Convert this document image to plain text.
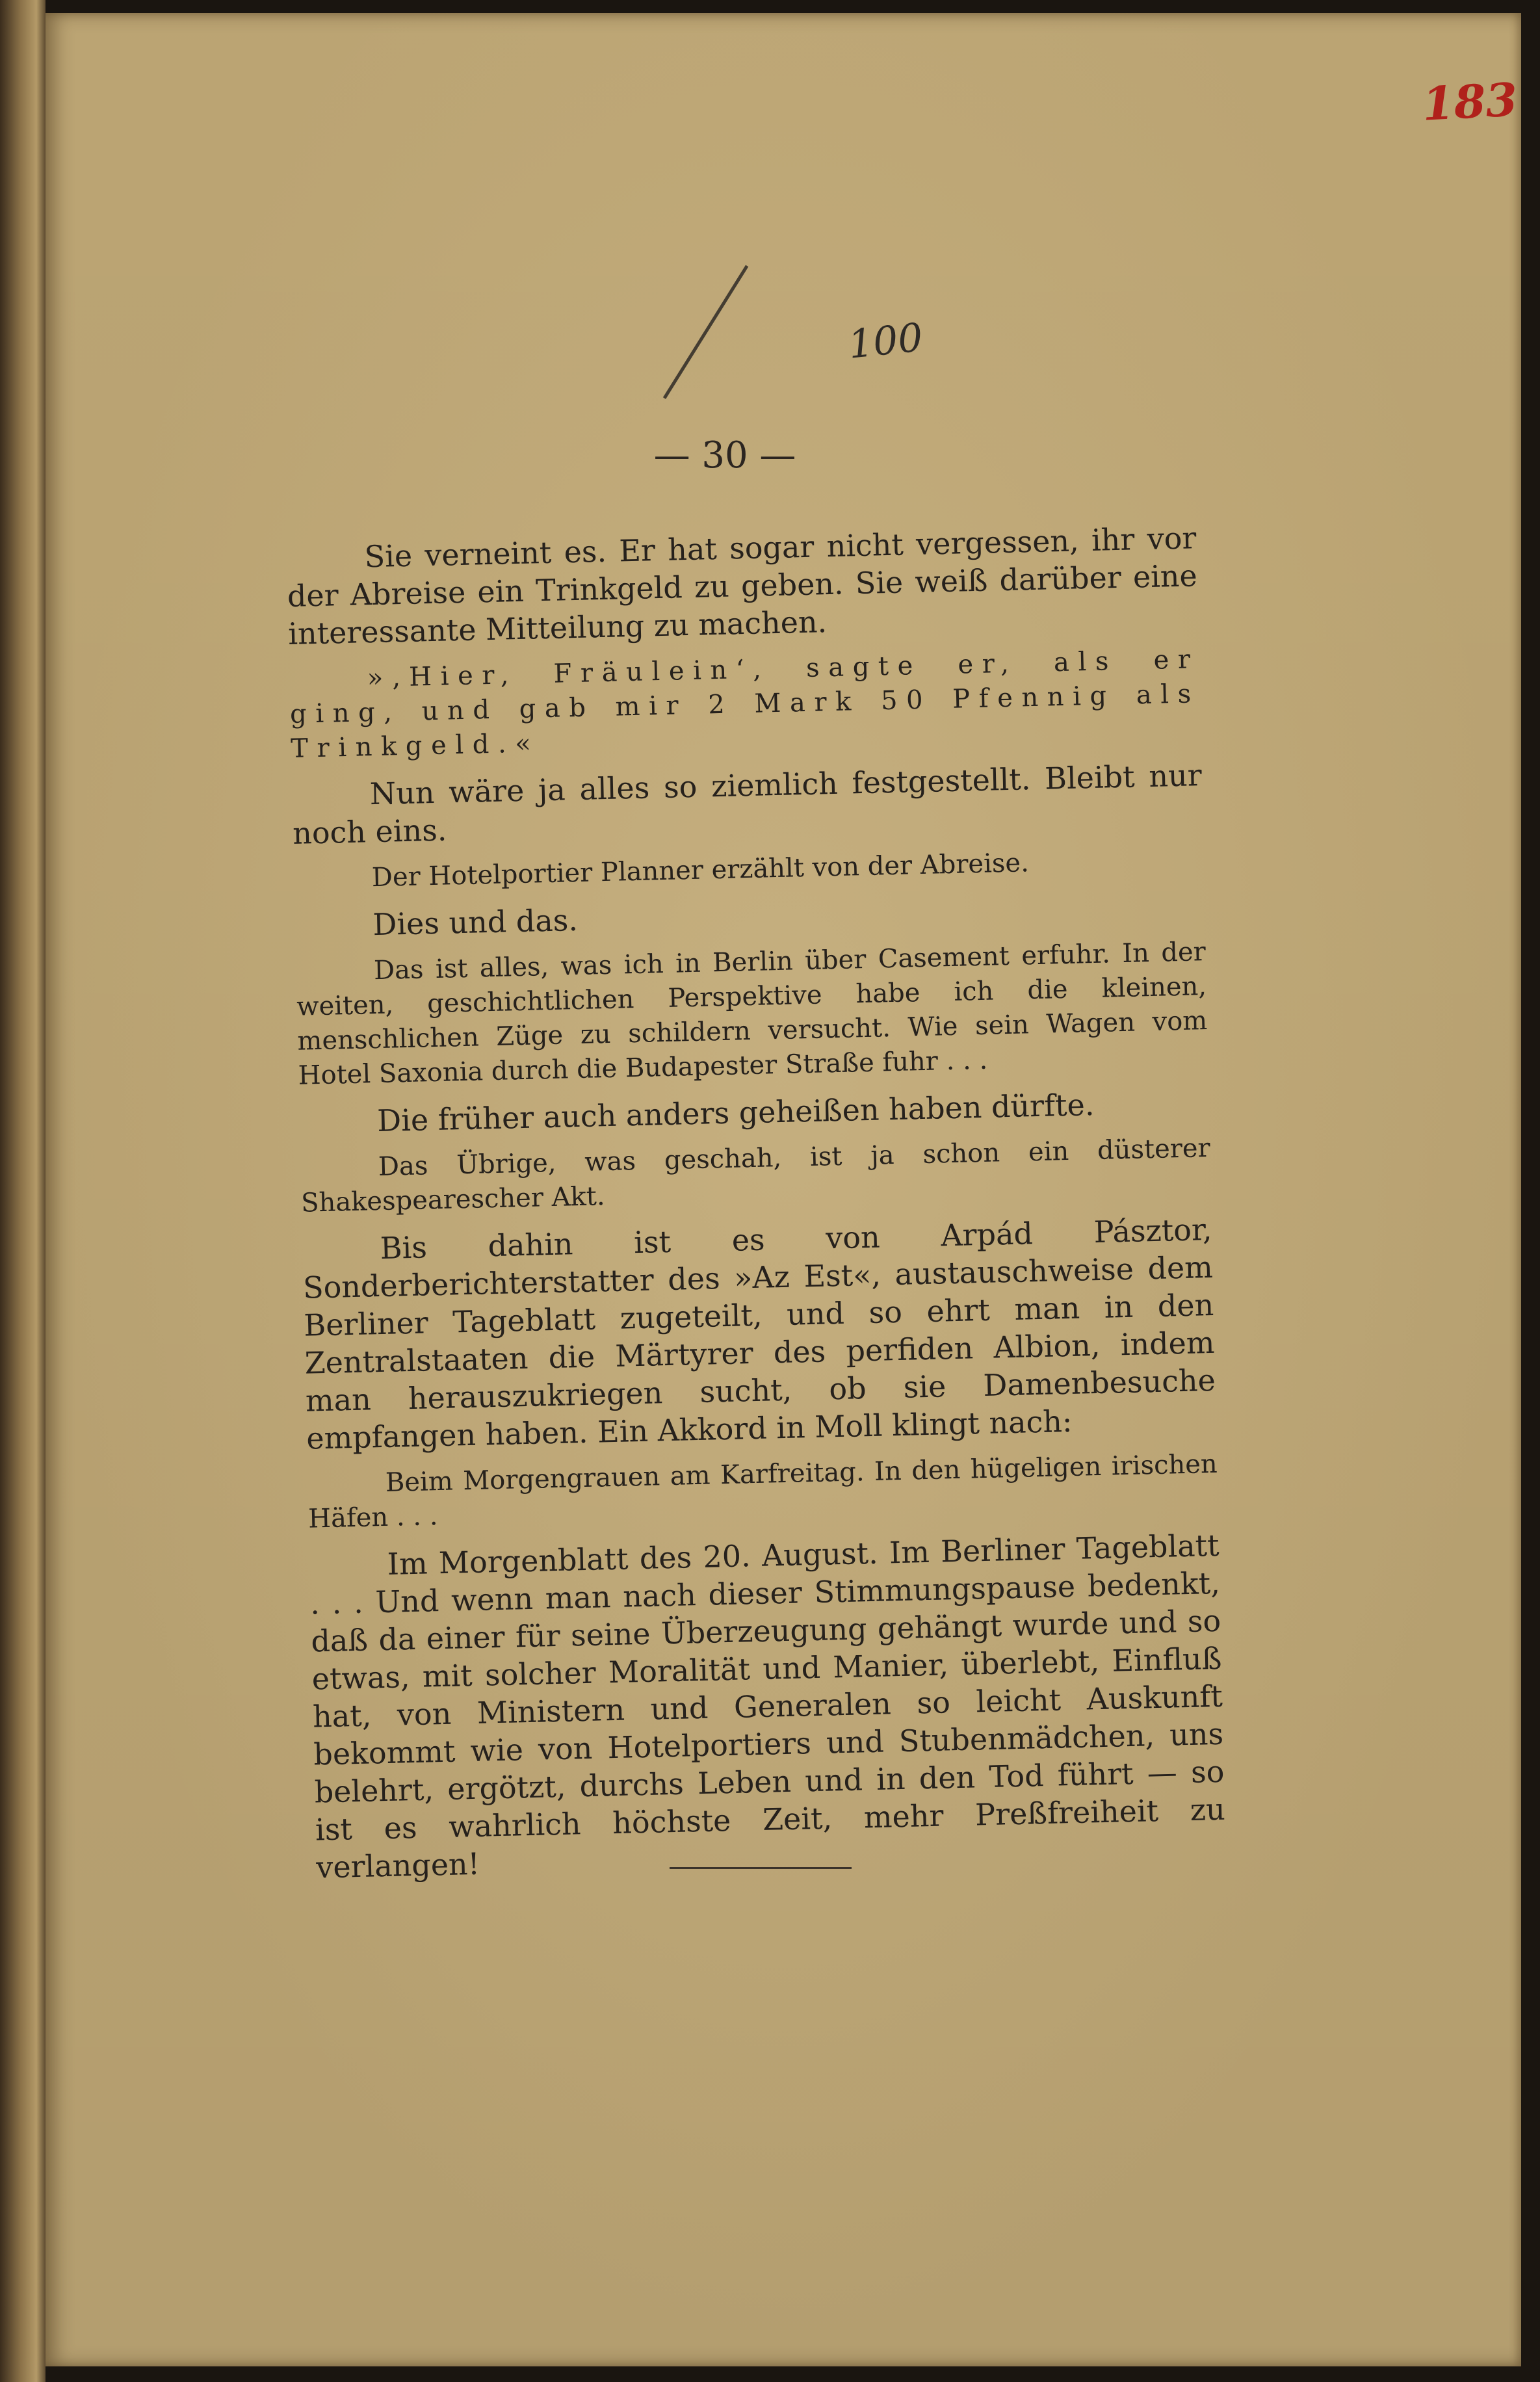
183
100
— 30 —

Sie verneint es. Er hat sogar nicht vergessen, ihr vor der Abreise ein Trinkgeld zu geben. Sie weiß darüber eine interessante Mitteilung zu machen.

»‚Hier, Fräulein‘, sagte er, als er ging, und gab mir 2 Mark 50 Pfennig als Trinkgeld.«

Nun wäre ja alles so ziemlich festgestellt. Bleibt nur noch eins.

Der Hotelportier Planner erzählt von der Abreise.

Dies und das.

Das ist alles, was ich in Berlin über Casement erfuhr. In der weiten, geschichtlichen Perspektive habe ich die kleinen, menschlichen Züge zu schildern versucht. Wie sein Wagen vom Hotel Saxonia durch die Budapester Straße fuhr . . .

Die früher auch anders geheißen haben dürfte.

Das Übrige, was geschah, ist ja schon ein düsterer Shakespearescher Akt.

Bis dahin ist es von Arpád Pásztor, Sonderberichterstatter des »Az Est«, austauschweise dem Berliner Tageblatt zugeteilt, und so ehrt man in den Zentralstaaten die Märtyrer des perfiden Albion, indem man herauszukriegen sucht, ob sie Damenbesuche empfangen haben. Ein Akkord in Moll klingt nach:

Beim Morgengrauen am Karfreitag. In den hügeligen irischen Häfen . . .

Im Morgenblatt des 20. August. Im Berliner Tageblatt . . . Und wenn man nach dieser Stimmungspause bedenkt, daß da einer für seine Überzeugung gehängt wurde und so etwas, mit solcher Moralität und Manier, überlebt, Einfluß hat, von Ministern und Generalen so leicht Auskunft bekommt wie von Hotelportiers und Stubenmädchen, uns belehrt, ergötzt, durchs Leben und in den Tod führt — so ist es wahrlich höchste Zeit, mehr Preßfreiheit zu verlangen!
